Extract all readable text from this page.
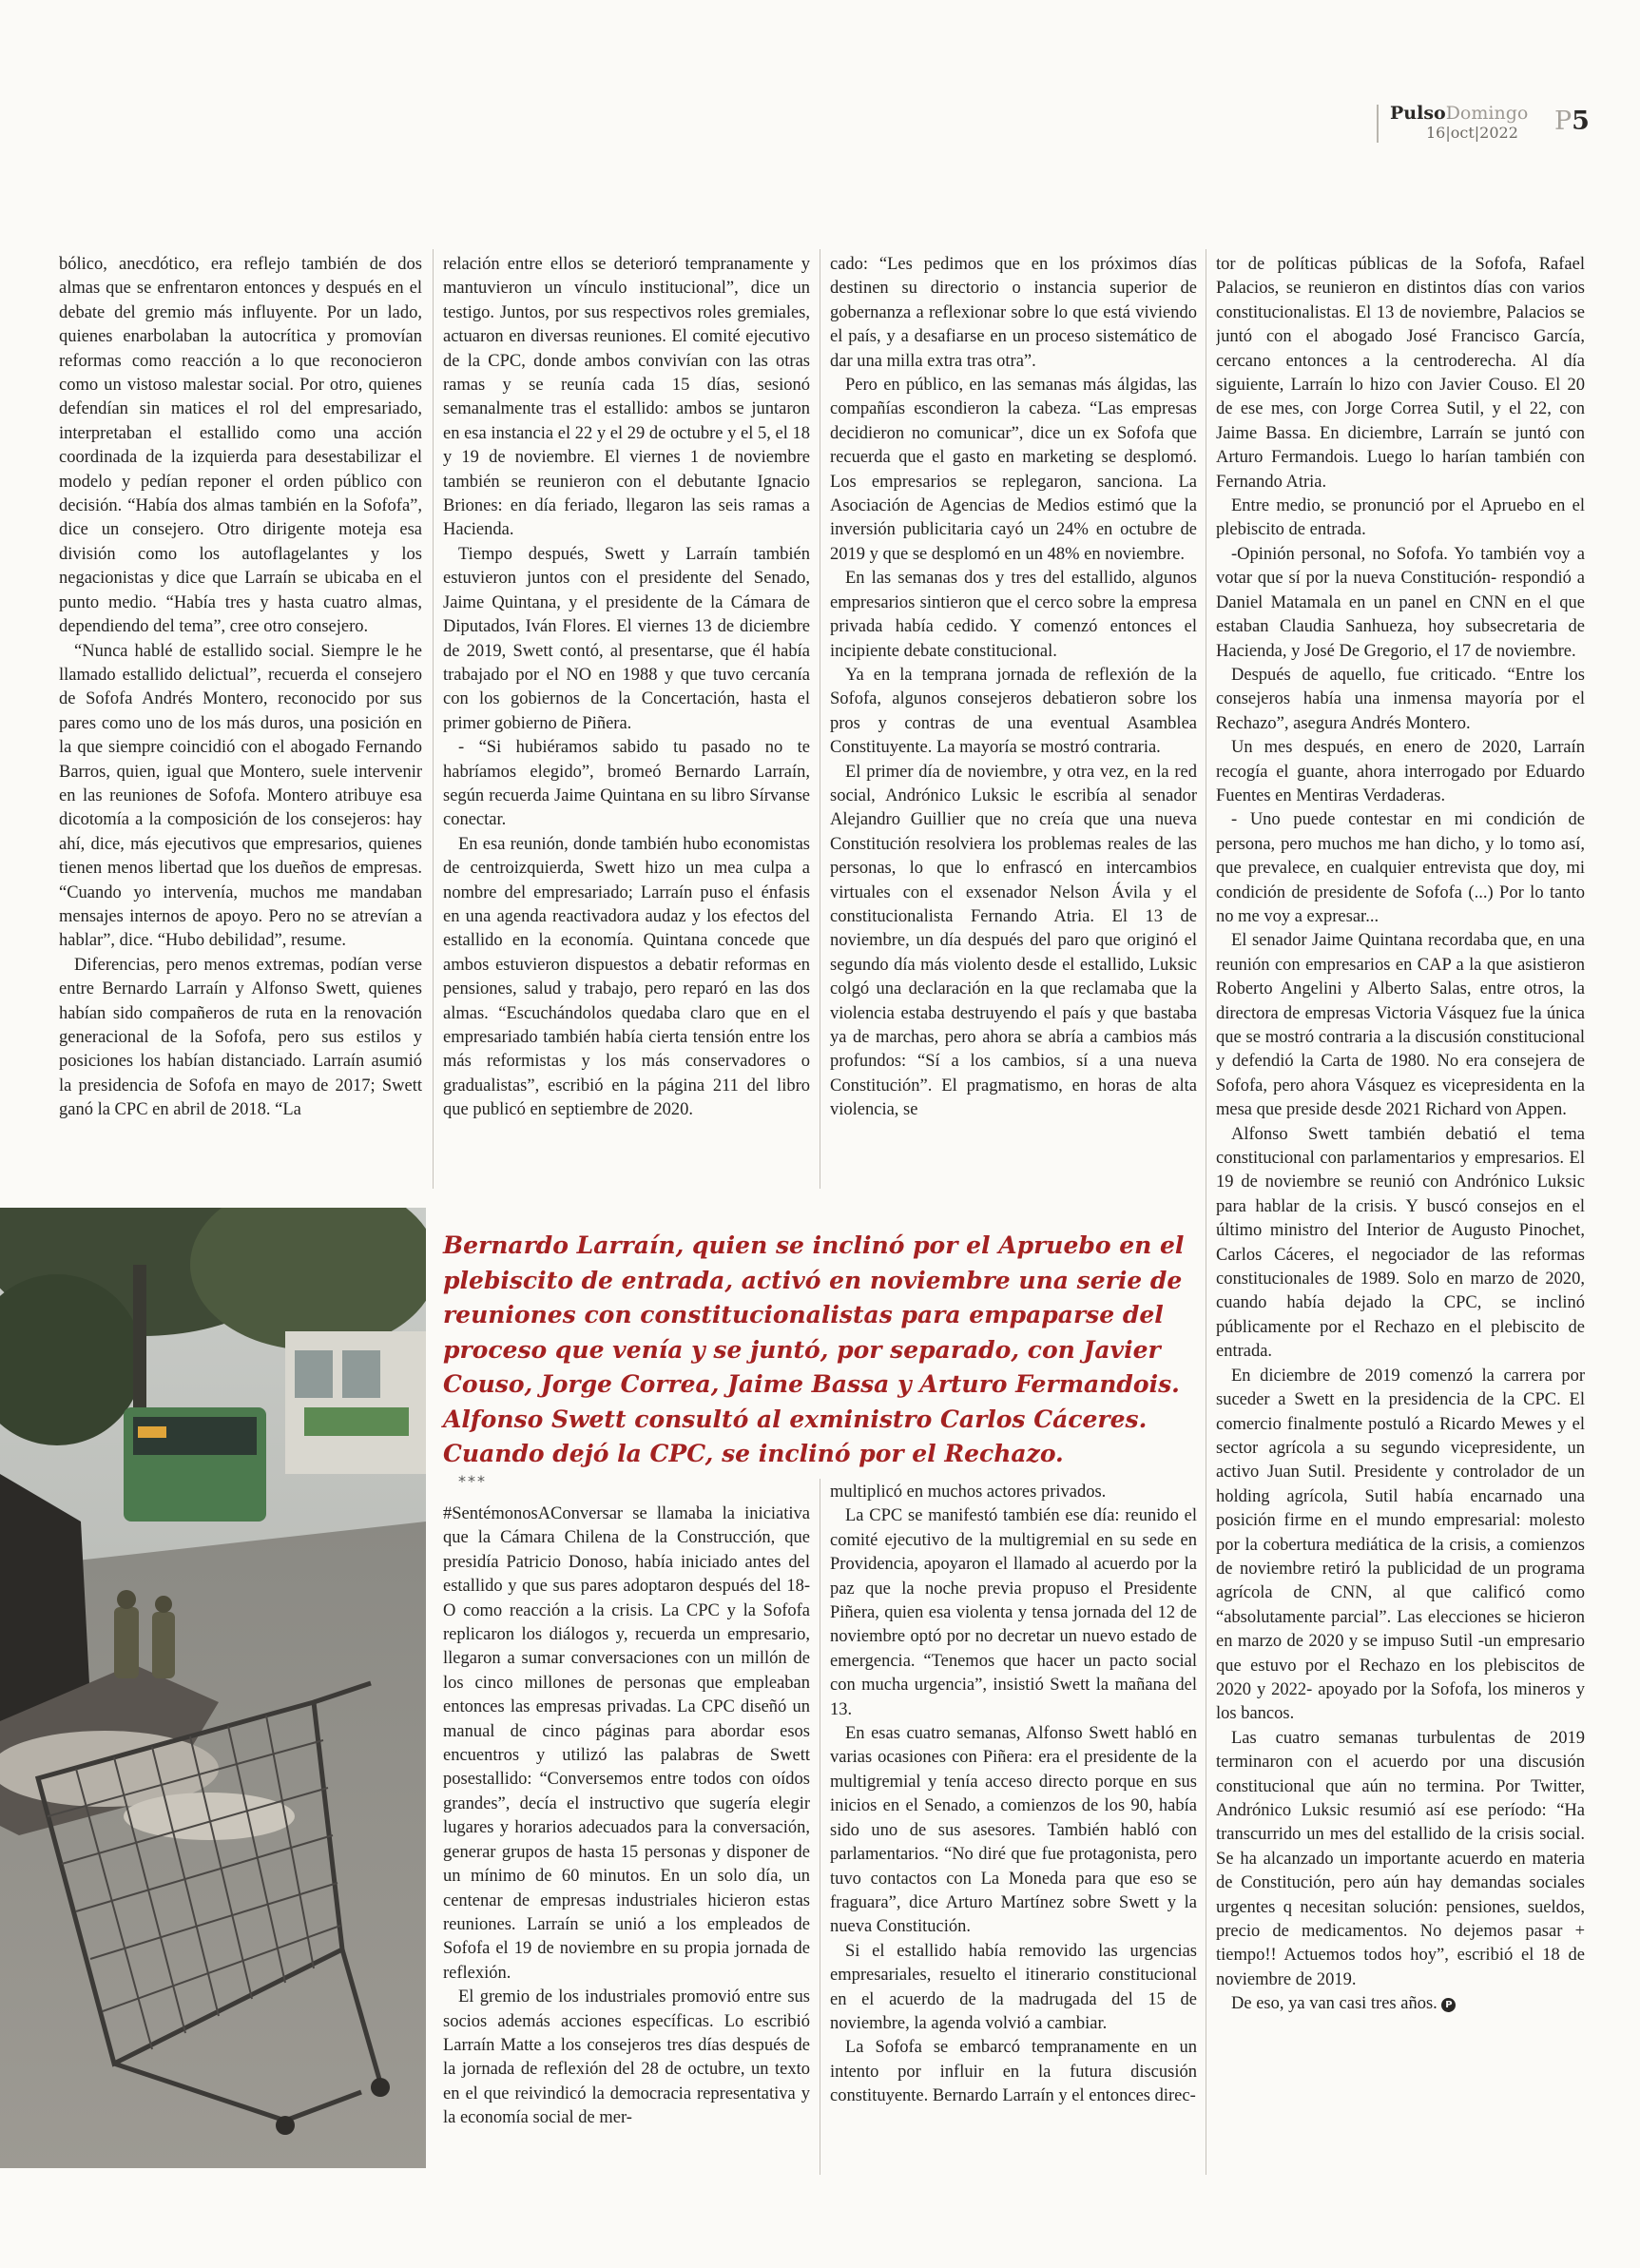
PulsoDomingo
16|oct|2022 P5

bólico, anecdótico, era reflejo también de dos almas que se enfrentaron entonces y después en el debate del gremio más influyente. Por un lado, quienes enarbolaban la autocrítica y promovían reformas como reacción a lo que reconocieron como un vistoso malestar social. Por otro, quienes defendían sin matices el rol del empresariado, interpretaban el estallido como una acción coordinada de la izquierda para desestabilizar el modelo y pedían reponer el orden público con decisión. “Había dos almas también en la Sofofa”, dice un consejero. Otro dirigente moteja esa división como los autoflagelantes y los negacionistas y dice que Larraín se ubicaba en el punto medio. “Había tres y hasta cuatro almas, dependiendo del tema”, cree otro consejero.

“Nunca hablé de estallido social. Siempre le he llamado estallido delictual”, recuerda el consejero de Sofofa Andrés Montero, reconocido por sus pares como uno de los más duros, una posición en la que siempre coincidió con el abogado Fernando Barros, quien, igual que Montero, suele intervenir en las reuniones de Sofofa. Montero atribuye esa dicotomía a la composición de los consejeros: hay ahí, dice, más ejecutivos que empresarios, quienes tienen menos libertad que los dueños de empresas. “Cuando yo intervenía, muchos me mandaban mensajes internos de apoyo. Pero no se atrevían a hablar”, dice. “Hubo debilidad”, resume.

Diferencias, pero menos extremas, podían verse entre Bernardo Larraín y Alfonso Swett, quienes habían sido compañeros de ruta en la renovación generacional de la Sofofa, pero sus estilos y posiciones los habían distanciado. Larraín asumió la presidencia de Sofofa en mayo de 2017; Swett ganó la CPC en abril de 2018. “La

relación entre ellos se deterioró tempranamente y mantuvieron un vínculo institucional”, dice un testigo. Juntos, por sus respectivos roles gremiales, actuaron en diversas reuniones. El comité ejecutivo de la CPC, donde ambos convivían con las otras ramas y se reunía cada 15 días, sesionó semanalmente tras el estallido: ambos se juntaron en esa instancia el 22 y el 29 de octubre y el 5, el 18 y 19 de noviembre. El viernes 1 de noviembre también se reunieron con el debutante Ignacio Briones: en día feriado, llegaron las seis ramas a Hacienda.

Tiempo después, Swett y Larraín también estuvieron juntos con el presidente del Senado, Jaime Quintana, y el presidente de la Cámara de Diputados, Iván Flores. El viernes 13 de diciembre de 2019, Swett contó, al presentarse, que él había trabajado por el NO en 1988 y que tuvo cercanía con los gobiernos de la Concertación, hasta el primer gobierno de Piñera.

- “Si hubiéramos sabido tu pasado no te habríamos elegido”, bromeó Bernardo Larraín, según recuerda Jaime Quintana en su libro Sírvanse conectar.

En esa reunión, donde también hubo economistas de centroizquierda, Swett hizo un mea culpa a nombre del empresariado; Larraín puso el énfasis en una agenda reactivadora audaz y los efectos del estallido en la economía. Quintana concede que ambos estuvieron dispuestos a debatir reformas en pensiones, salud y trabajo, pero reparó en las dos almas. “Escuchándolos quedaba claro que en el empresariado también había cierta tensión entre los más reformistas y los más conservadores o gradualistas”, escribió en la página 211 del libro que publicó en septiembre de 2020.

cado: “Les pedimos que en los próximos días destinen su directorio o instancia superior de gobernanza a reflexionar sobre lo que está viviendo el país, y a desafiarse en un proceso sistemático de dar una milla extra tras otra”.

Pero en público, en las semanas más álgidas, las compañías escondieron la cabeza. “Las empresas decidieron no comunicar”, dice un ex Sofofa que recuerda que el gasto en marketing se desplomó. Los empresarios se replegaron, sanciona. La Asociación de Agencias de Medios estimó que la inversión publicitaria cayó un 24% en octubre de 2019 y que se desplomó en un 48% en noviembre.

En las semanas dos y tres del estallido, algunos empresarios sintieron que el cerco sobre la empresa privada había cedido. Y comenzó entonces el incipiente debate constitucional.

Ya en la temprana jornada de reflexión de la Sofofa, algunos consejeros debatieron sobre los pros y contras de una eventual Asamblea Constituyente. La mayoría se mostró contraria.

El primer día de noviembre, y otra vez, en la red social, Andrónico Luksic le escribía al senador Alejandro Guillier que no creía que una nueva Constitución resolviera los problemas reales de las personas, lo que lo enfrascó en intercambios virtuales con el exsenador Nelson Ávila y el constitucionalista Fernando Atria. El 13 de noviembre, un día después del paro que originó el segundo día más violento desde el estallido, Luksic colgó una declaración en la que reclamaba que la violencia estaba destruyendo el país y que bastaba ya de marchas, pero ahora se abría a cambios más profundos: “Sí a los cambios, sí a una nueva Constitución”. El pragmatismo, en horas de alta violencia, se

tor de políticas públicas de la Sofofa, Rafael Palacios, se reunieron en distintos días con varios constitucionalistas. El 13 de noviembre, Palacios se juntó con el abogado José Francisco García, cercano entonces a la centroderecha. Al día siguiente, Larraín lo hizo con Javier Couso. El 20 de ese mes, con Jorge Correa Sutil, y el 22, con Jaime Bassa. En diciembre, Larraín se juntó con Arturo Fermandois. Luego lo harían también con Fernando Atria.

Entre medio, se pronunció por el Apruebo en el plebiscito de entrada.

-Opinión personal, no Sofofa. Yo también voy a votar que sí por la nueva Constitución- respondió a Daniel Matamala en un panel en CNN en el que estaban Claudia Sanhueza, hoy subsecretaria de Hacienda, y José De Gregorio, el 17 de noviembre.

Después de aquello, fue criticado. “Entre los consejeros había una inmensa mayoría por el Rechazo”, asegura Andrés Montero.

Un mes después, en enero de 2020, Larraín recogía el guante, ahora interrogado por Eduardo Fuentes en Mentiras Verdaderas.

- Uno puede contestar en mi condición de persona, pero muchos me han dicho, y lo tomo así, que prevalece, en cualquier entrevista que doy, mi condición de presidente de Sofofa (...) Por lo tanto no me voy a expresar...

El senador Jaime Quintana recordaba que, en una reunión con empresarios en CAP a la que asistieron Roberto Angelini y Alberto Salas, entre otros, la directora de empresas Victoria Vásquez fue la única que se mostró contraria a la discusión constitucional y defendió la Carta de 1980. No era consejera de Sofofa, pero ahora Vásquez es vicepresidenta en la mesa que preside desde 2021 Richard von Appen.

Alfonso Swett también debatió el tema constitucional con parlamentarios y empresarios. El 19 de noviembre se reunió con Andrónico Luksic para hablar de la crisis. Y buscó consejos en el último ministro del Interior de Augusto Pinochet, Carlos Cáceres, el negociador de las reformas constitucionales de 1989. Solo en marzo de 2020, cuando había dejado la CPC, se inclinó públicamente por el Rechazo en el plebiscito de entrada.

En diciembre de 2019 comenzó la carrera por suceder a Swett en la presidencia de la CPC. El comercio finalmente postuló a Ricardo Mewes y el sector agrícola a su segundo vicepresidente, un activo Juan Sutil. Presidente y controlador de un holding agrícola, Sutil había encarnado una posición firme en el mundo empresarial: molesto por la cobertura mediática de la crisis, a comienzos de noviembre retiró la publicidad de un programa agrícola de CNN, al que calificó como “absolutamente parcial”. Las elecciones se hicieron en marzo de 2020 y se impuso Sutil -un empresario que estuvo por el Rechazo en los plebiscitos de 2020 y 2022- apoyado por la Sofofa, los mineros y los bancos.

Las cuatro semanas turbulentas de 2019 terminaron con el acuerdo por una discusión constitucional que aún no termina. Por Twitter, Andrónico Luksic resumió así ese período: “Ha transcurrido un mes del estallido de la crisis social. Se ha alcanzado un importante acuerdo en materia de Constitución, pero aún hay demandas sociales urgentes q necesitan solución: pensiones, sueldos, precio de medicamentos. No dejemos pasar + tiempo!! Actuemos todos hoy”, escribió el 18 de noviembre de 2019.

De eso, ya van casi tres años. P

Bernardo Larraín, quien se inclinó por el Apruebo en el plebiscito de entrada, activó en noviembre una serie de reuniones con constitucionalistas para empaparse del proceso que venía y se juntó, por separado, con Javier Couso, Jorge Correa, Jaime Bassa y Arturo Fermandois. Alfonso Swett consultó al exministro Carlos Cáceres. Cuando dejó la CPC, se inclinó por el Rechazo.
***

#SentémonosAConversar se llamaba la iniciativa que la Cámara Chilena de la Construcción, que presidía Patricio Donoso, había iniciado antes del estallido y que sus pares adoptaron después del 18-O como reacción a la crisis. La CPC y la Sofofa replicaron los diálogos y, recuerda un empresario, llegaron a sumar conversaciones con un millón de los cinco millones de personas que empleaban entonces las empresas privadas. La CPC diseñó un manual de cinco páginas para abordar esos encuentros y utilizó las palabras de Swett posestallido: “Conversemos entre todos con oídos grandes”, decía el instructivo que sugería elegir lugares y horarios adecuados para la conversación, generar grupos de hasta 15 personas y disponer de un mínimo de 60 minutos. En un solo día, un centenar de empresas industriales hicieron estas reuniones. Larraín se unió a los empleados de Sofofa el 19 de noviembre en su propia jornada de reflexión.

El gremio de los industriales promovió entre sus socios además acciones específicas. Lo escribió Larraín Matte a los consejeros tres días después de la jornada de reflexión del 28 de octubre, un texto en el que reivindicó la democracia representativa y la economía social de mer-

multiplicó en muchos actores privados.

La CPC se manifestó también ese día: reunido el comité ejecutivo de la multigremial en su sede en Providencia, apoyaron el llamado al acuerdo por la paz que la noche previa propuso el Presidente Piñera, quien esa violenta y tensa jornada del 12 de noviembre optó por no decretar un nuevo estado de emergencia. “Tenemos que hacer un pacto social con mucha urgencia”, insistió Swett la mañana del 13.

En esas cuatro semanas, Alfonso Swett habló en varias ocasiones con Piñera: era el presidente de la multigremial y tenía acceso directo porque en sus inicios en el Senado, a comienzos de los 90, había sido uno de sus asesores. También habló con parlamentarios. “No diré que fue protagonista, pero tuvo contactos con La Moneda para que eso se fraguara”, dice Arturo Martínez sobre Swett y la nueva Constitución.

Si el estallido había removido las urgencias empresariales, resuelto el itinerario constitucional en el acuerdo de la madrugada del 15 de noviembre, la agenda volvió a cambiar.

La Sofofa se embarcó tempranamente en un intento por influir en la futura discusión constituyente. Bernardo Larraín y el entonces direc-
